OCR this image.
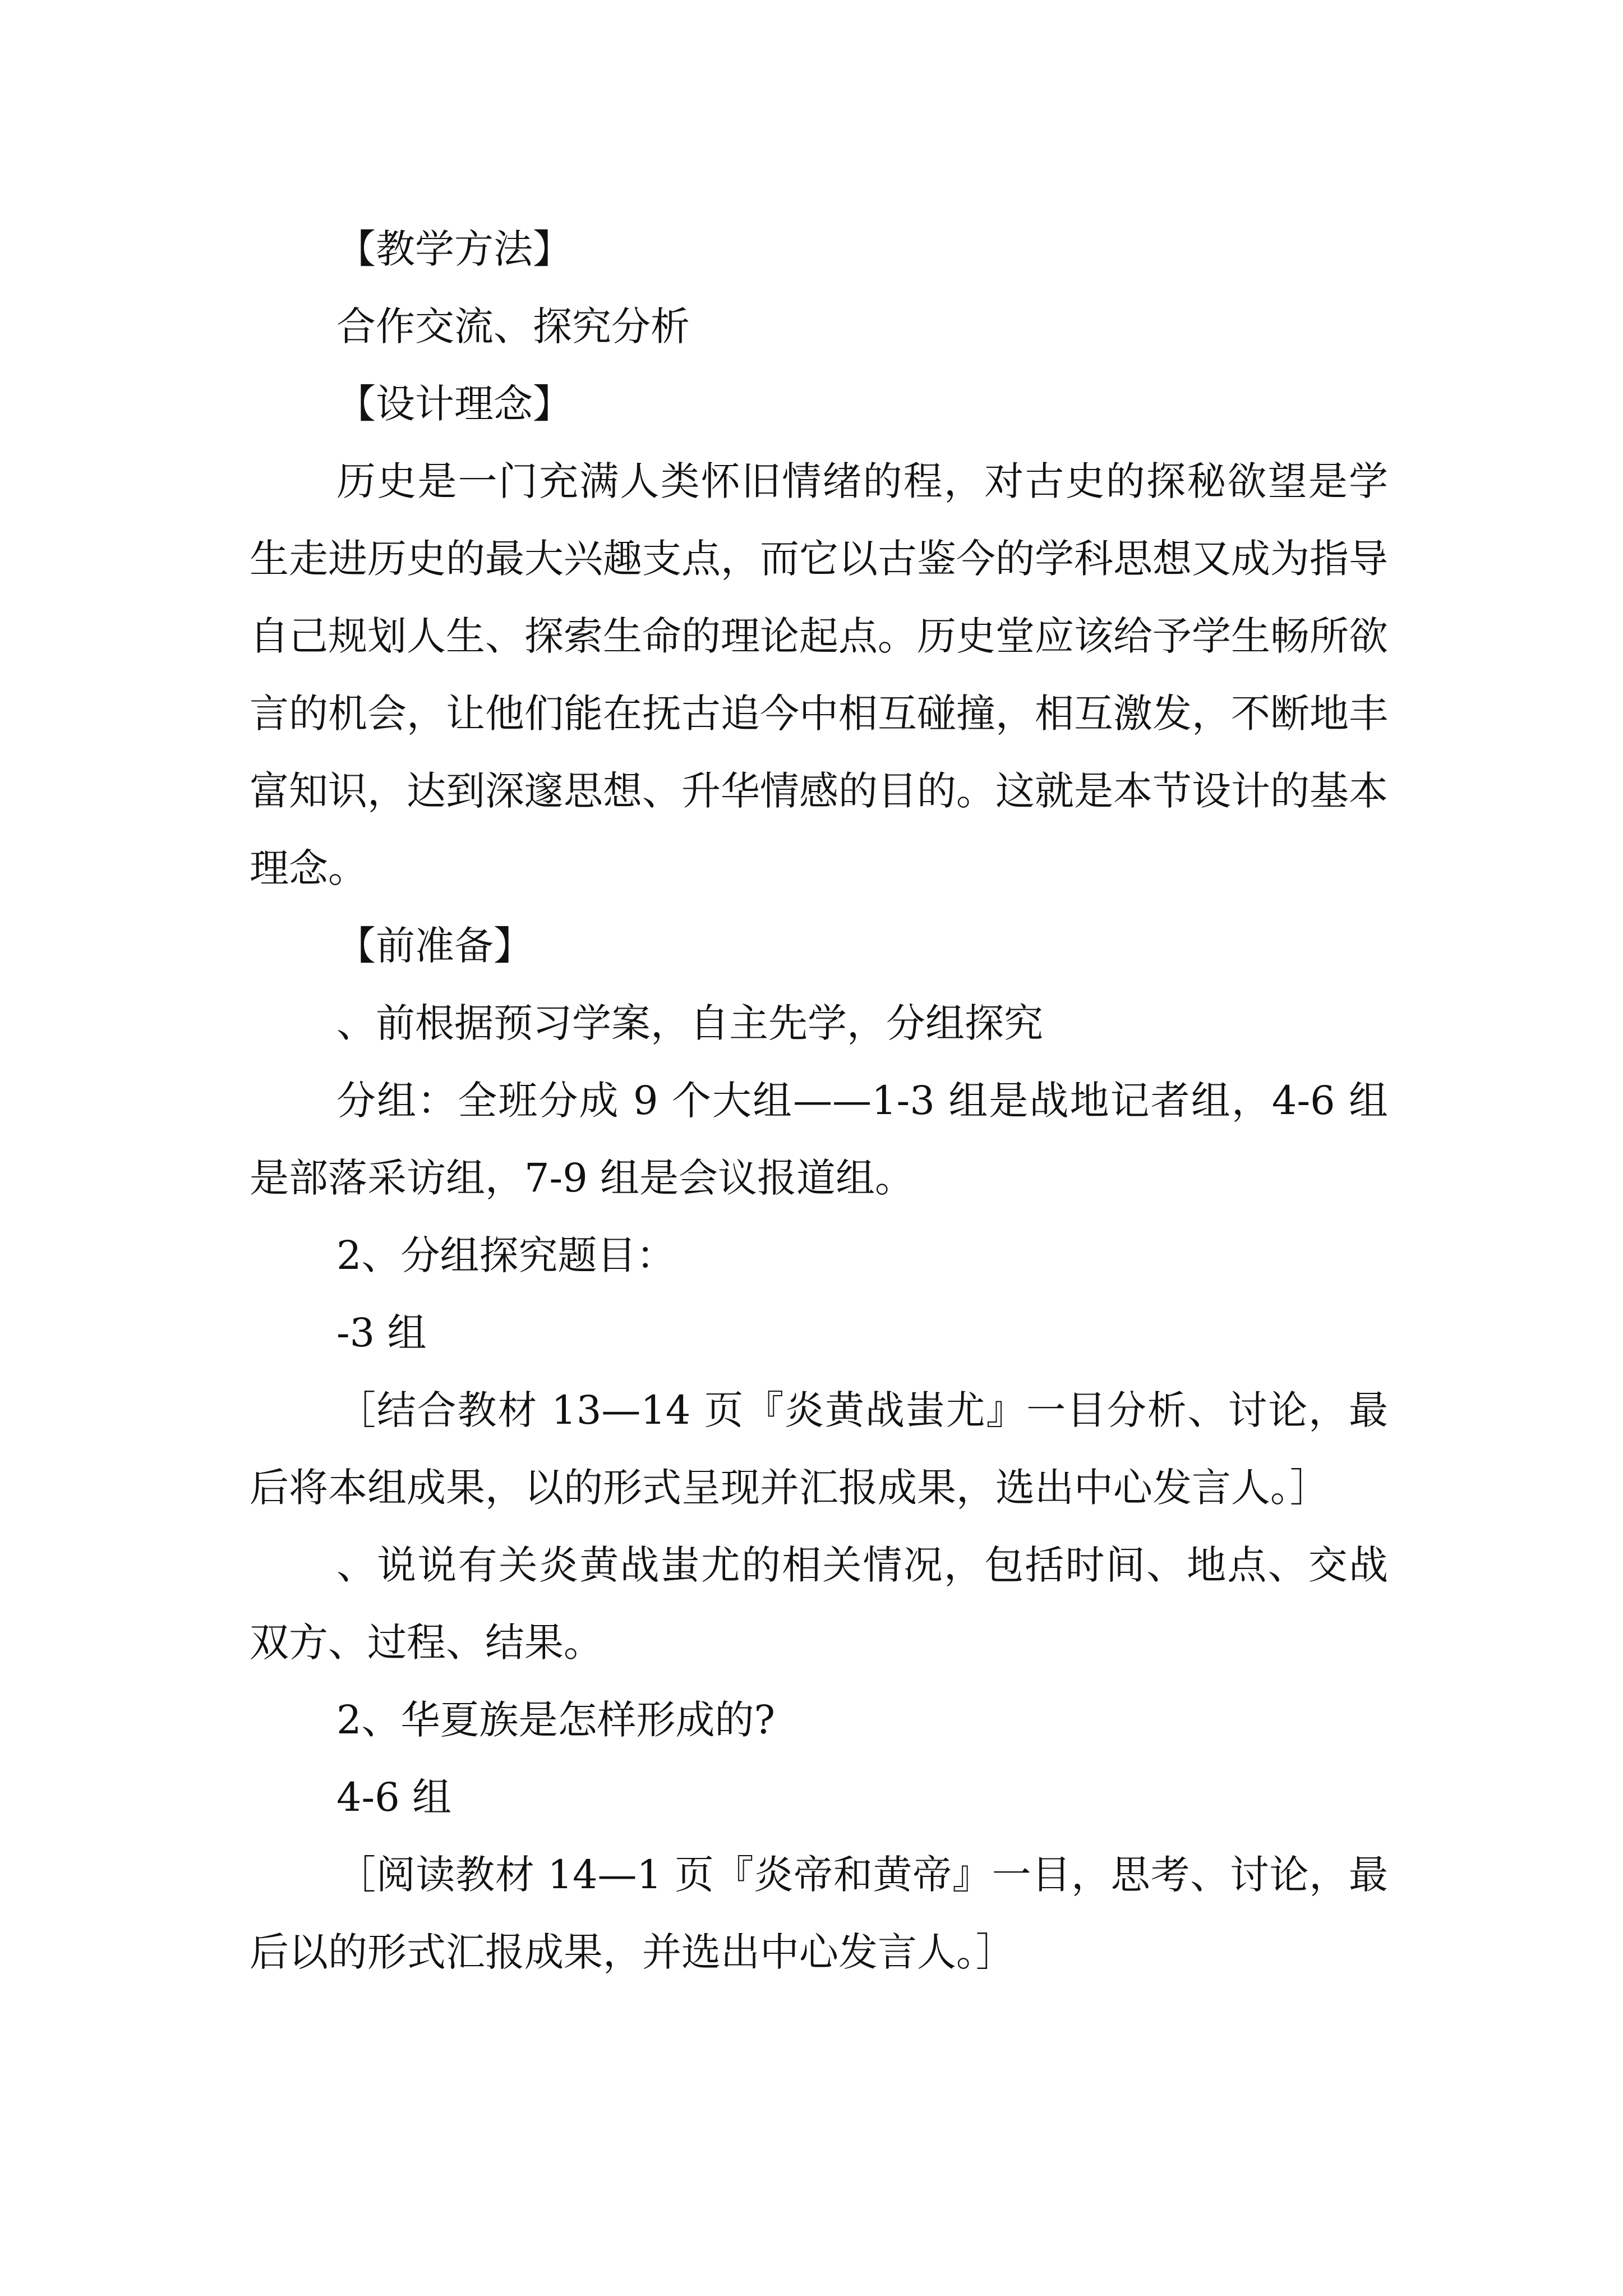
【教学方法】

合作交流、探究分析

【设计理念】

历史是一门充满人类怀旧情绪的程，对古史的探秘欲望是学生走进历史的最大兴趣支点，而它以古鉴今的学科思想又成为指导自己规划人生、探索生命的理论起点。历史堂应该给予学生畅所欲言的机会，让他们能在抚古追今中相互碰撞，相互激发，不断地丰富知识，达到深邃思想、升华情感的目的。这就是本节设计的基本理念。

【前准备】

、前根据预习学案，自主先学，分组探究

分组：全班分成 9 个大组——1-3 组是战地记者组，4-6 组是部落采访组，7-9 组是会议报道组。

2、分组探究题目：

-3 组

［结合教材 13—14 页『炎黄战蚩尤』一目分析、讨论，最后将本组成果，以的形式呈现并汇报成果，选出中心发言人。］

、说说有关炎黄战蚩尤的相关情况，包括时间、地点、交战双方、过程、结果。

2、华夏族是怎样形成的?

4-6 组

［阅读教材 14—1 页『炎帝和黄帝』一目，思考、讨论，最后以的形式汇报成果，并选出中心发言人。］
